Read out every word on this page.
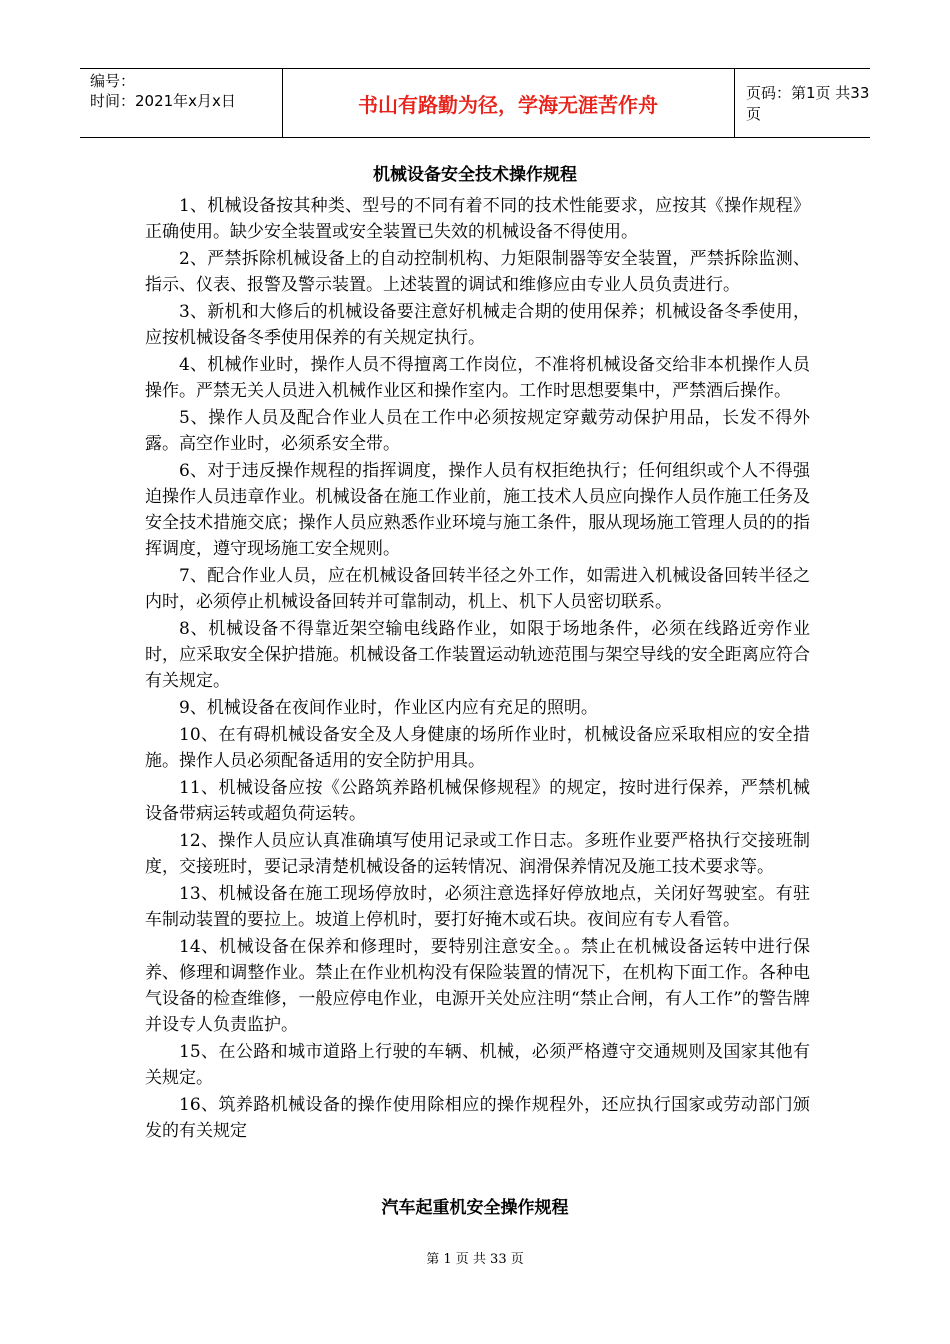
编号：
时间：2021年x月x日	书山有路勤为径，学海无涯苦作舟	页码：第1页 共33页
机械设备安全技术操作规程

1、机械设备按其种类、型号的不同有着不同的技术性能要求，应按其《操作规程》正确使用。缺少安全装置或安全装置已失效的机械设备不得使用。

2、严禁拆除机械设备上的自动控制机构、力矩限制器等安全装置，严禁拆除监测、指示、仪表、报警及警示装置。上述装置的调试和维修应由专业人员负责进行。

3、新机和大修后的机械设备要注意好机械走合期的使用保养；机械设备冬季使用，应按机械设备冬季使用保养的有关规定执行。

4、机械作业时，操作人员不得擅离工作岗位，不准将机械设备交给非本机操作人员操作。严禁无关人员进入机械作业区和操作室内。工作时思想要集中，严禁酒后操作。

5、操作人员及配合作业人员在工作中必须按规定穿戴劳动保护用品，长发不得外露。高空作业时，必须系安全带。

6、对于违反操作规程的指挥调度，操作人员有权拒绝执行；任何组织或个人不得强迫操作人员违章作业。机械设备在施工作业前，施工技术人员应向操作人员作施工任务及安全技术措施交底；操作人员应熟悉作业环境与施工条件，服从现场施工管理人员的的指挥调度，遵守现场施工安全规则。

7、配合作业人员，应在机械设备回转半径之外工作，如需进入机械设备回转半径之内时，必须停止机械设备回转并可靠制动，机上、机下人员密切联系。

8、机械设备不得靠近架空输电线路作业，如限于场地条件，必须在线路近旁作业时，应采取安全保护措施。机械设备工作装置运动轨迹范围与架空导线的安全距离应符合有关规定。

9、机械设备在夜间作业时，作业区内应有充足的照明。

10、在有碍机械设备安全及人身健康的场所作业时，机械设备应采取相应的安全措施。操作人员必须配备适用的安全防护用具。

11、机械设备应按《公路筑养路机械保修规程》的规定，按时进行保养，严禁机械设备带病运转或超负荷运转。

12、操作人员应认真准确填写使用记录或工作日志。多班作业要严格执行交接班制度，交接班时，要记录清楚机械设备的运转情况、润滑保养情况及施工技术要求等。

13、机械设备在施工现场停放时，必须注意选择好停放地点，关闭好驾驶室。有驻车制动装置的要拉上。坡道上停机时，要打好掩木或石块。夜间应有专人看管。

14、机械设备在保养和修理时，要特别注意安全。。禁止在机械设备运转中进行保养、修理和调整作业。禁止在作业机构没有保险装置的情况下，在机构下面工作。各种电气设备的检查维修，一般应停电作业，电源开关处应注明“禁止合闸，有人工作”的警告牌并设专人负责监护。

15、在公路和城市道路上行驶的车辆、机械，必须严格遵守交通规则及国家其他有关规定。

16、筑养路机械设备的操作使用除相应的操作规程外，还应执行国家或劳动部门颁发的有关规定

汽车起重机安全操作规程
第 1 页 共 33 页
